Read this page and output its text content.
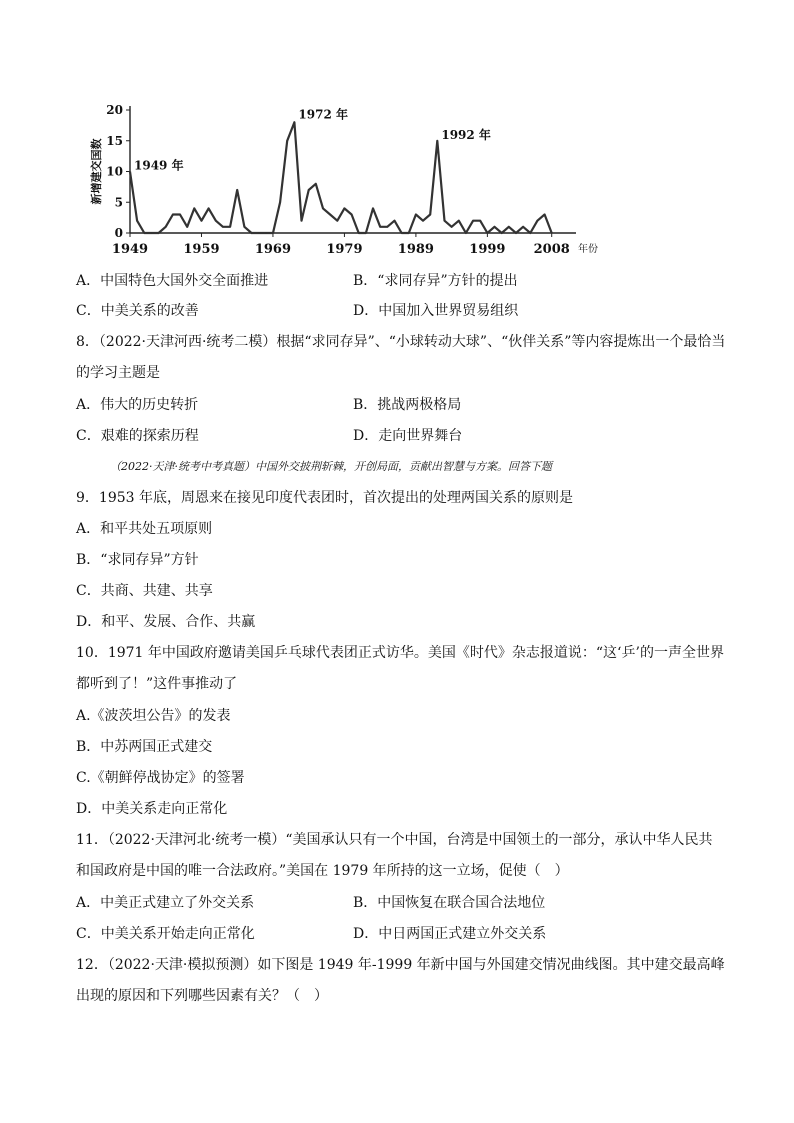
0
5
10
15
20
新增建交国数
1949	1959	1969	1979	1989	1999 2008 年份
1949 年
1972 年
1992 年
A．中国特色大国外交全面推进	B．“求同存异”方针的提出
C．中美关系的改善	D．中国加入世界贸易组织
8．（2022·天津河西·统考二模）根据“求同存异”、“小球转动大球”、“伙伴关系”等内容提炼出一个最恰当的学习主题是
A．伟大的历史转折	B．挑战两极格局
C．艰难的探索历程	D．走向世界舞台
（2022·天津·统考中考真题）中国外交披荆斩棘，开创局面，贡献出智慧与方案。回答下题
9．1953 年底，周恩来在接见印度代表团时，首次提出的处理两国关系的原则是
A．和平共处五项原则
B．“求同存异”方针
C．共商、共建、共享
D．和平、发展、合作、共赢
10．1971 年中国政府邀请美国乒乓球代表团正式访华。美国《时代》杂志报道说：“这‘乒’的一声全世界都听到了！”这件事推动了
A.《波茨坦公告》的发表
B．中苏两国正式建交
C.《朝鲜停战协定》的签署
D．中美关系走向正常化
11．（2022·天津河北·统考一模）“美国承认只有一个中国，台湾是中国领土的一部分，承认中华人民共和国政府是中国的唯一合法政府。”美国在 1979 年所持的这一立场，促使（　）
A．中美正式建立了外交关系	B．中国恢复在联合国合法地位
C．中美关系开始走向正常化	D．中日两国正式建立外交关系
12．（2022·天津·模拟预测）如下图是 1949 年-1999 年新中国与外国建交情况曲线图。其中建交最高峰出现的原因和下列哪些因素有关？（　）
